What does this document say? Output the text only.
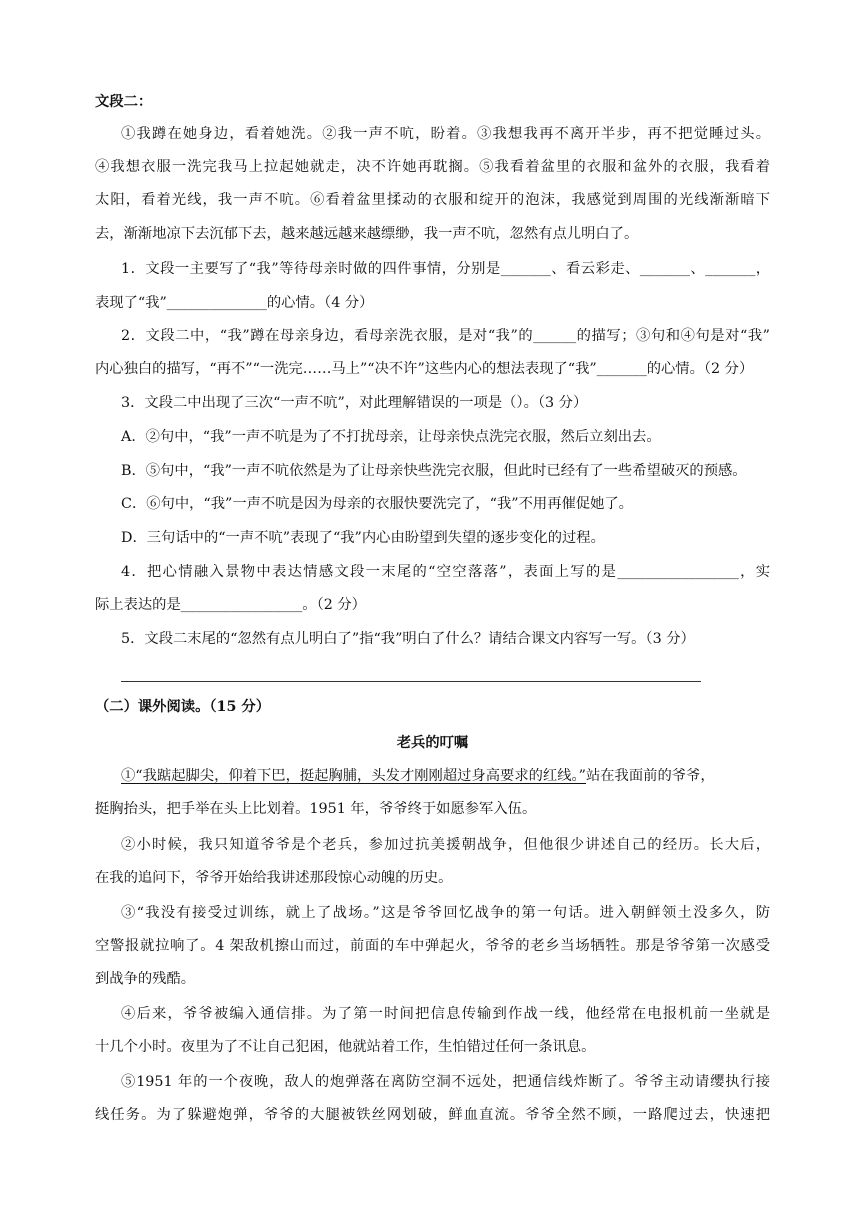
文段二：
①我蹲在她身边，看着她洗。②我一声不吭，盼着。③我想我再不离开半步，再不把觉睡过头。
④我想衣服一洗完我马上拉起她就走，决不许她再耽搁。⑤我看着盆里的衣服和盆外的衣服，我看着
太阳，看着光线，我一声不吭。⑥看着盆里揉动的衣服和绽开的泡沫，我感觉到周围的光线渐渐暗下
去，渐渐地凉下去沉郁下去，越来越远越来越缥缈，我一声不吭，忽然有点儿明白了。
1．文段一主要写了“我”等待母亲时做的四件事情，分别是_______、看云彩走、_______、_______，
表现了“我”______________的心情。（4 分）
2．文段二中，“我”蹲在母亲身边，看母亲洗衣服，是对“我”的______的描写；③句和④句是对“我”
内心独白的描写，“再不”“一洗完……马上”“决不许”这些内心的想法表现了“我”_______的心情。（2 分）
3．文段二中出现了三次“一声不吭”，对此理解错误的一项是（）。（3 分）
A．②句中，“我”一声不吭是为了不打扰母亲，让母亲快点洗完衣服，然后立刻出去。
B．⑤句中，“我”一声不吭依然是为了让母亲快些洗完衣服，但此时已经有了一些希望破灭的预感。
C．⑥句中，“我”一声不吭是因为母亲的衣服快要洗完了，“我”不用再催促她了。
D．三句话中的“一声不吭”表现了“我”内心由盼望到失望的逐步变化的过程。
4．把心情融入景物中表达情感文段一末尾的“空空落落”，表面上写的是_________________，实
际上表达的是_________________。（2 分）
5．文段二末尾的“忽然有点儿明白了”指“我”明白了什么？请结合课文内容写一写。（3 分）
（二）课外阅读。（15 分）
老兵的叮嘱
①“我踮起脚尖，仰着下巴，挺起胸脯，头发才刚刚超过身高要求的红线。”站在我面前的爷爷，
挺胸抬头，把手举在头上比划着。1951 年，爷爷终于如愿参军入伍。
②小时候，我只知道爷爷是个老兵，参加过抗美援朝战争，但他很少讲述自己的经历。长大后，
在我的追问下，爷爷开始给我讲述那段惊心动魄的历史。
③“我没有接受过训练，就上了战场。”这是爷爷回忆战争的第一句话。进入朝鲜领土没多久，防
空警报就拉响了。4 架敌机擦山而过，前面的车中弹起火，爷爷的老乡当场牺牲。那是爷爷第一次感受
到战争的残酷。
④后来，爷爷被编入通信排。为了第一时间把信息传输到作战一线，他经常在电报机前一坐就是
十几个小时。夜里为了不让自己犯困，他就站着工作，生怕错过任何一条讯息。
⑤1951 年的一个夜晚，敌人的炮弹落在离防空洞不远处，把通信线炸断了。爷爷主动请缨执行接
线任务。为了躲避炮弹，爷爷的大腿被铁丝网划破，鲜血直流。爷爷全然不顾，一路爬过去，快速把
